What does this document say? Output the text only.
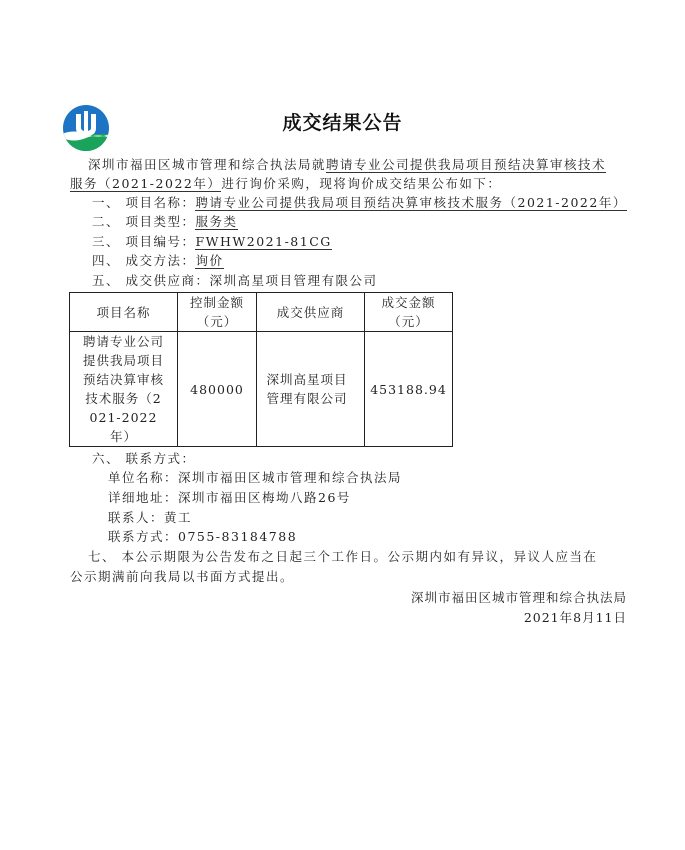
成交结果公告
深圳市福田区城市管理和综合执法局就聘请专业公司提供我局项目预结决算审核技术
服务（2021-2022年）进行询价采购，现将询价成交结果公布如下：
一、 项目名称：聘请专业公司提供我局项目预结决算审核技术服务（2021-2022年）
二、 项目类型：服务类
三、 项目编号：FWHW2021-81CG
四、 成交方法：询价
五、 成交供应商：深圳高星项目管理有限公司
项目名称	控制金额（元）	成交供应商	成交金额（元）
聘请专业公司提供我局项目预结决算审核技术服务（2021-2022年）	480000	深圳高星项目管理有限公司	453188.94
六、 联系方式：
单位名称：深圳市福田区城市管理和综合执法局
详细地址：深圳市福田区梅坳八路26号
联系人：黄工
联系方式：0755-83184788
七、 本公示期限为公告发布之日起三个工作日。公示期内如有异议，异议人应当在
公示期满前向我局以书面方式提出。
深圳市福田区城市管理和综合执法局
2021年8月11日
